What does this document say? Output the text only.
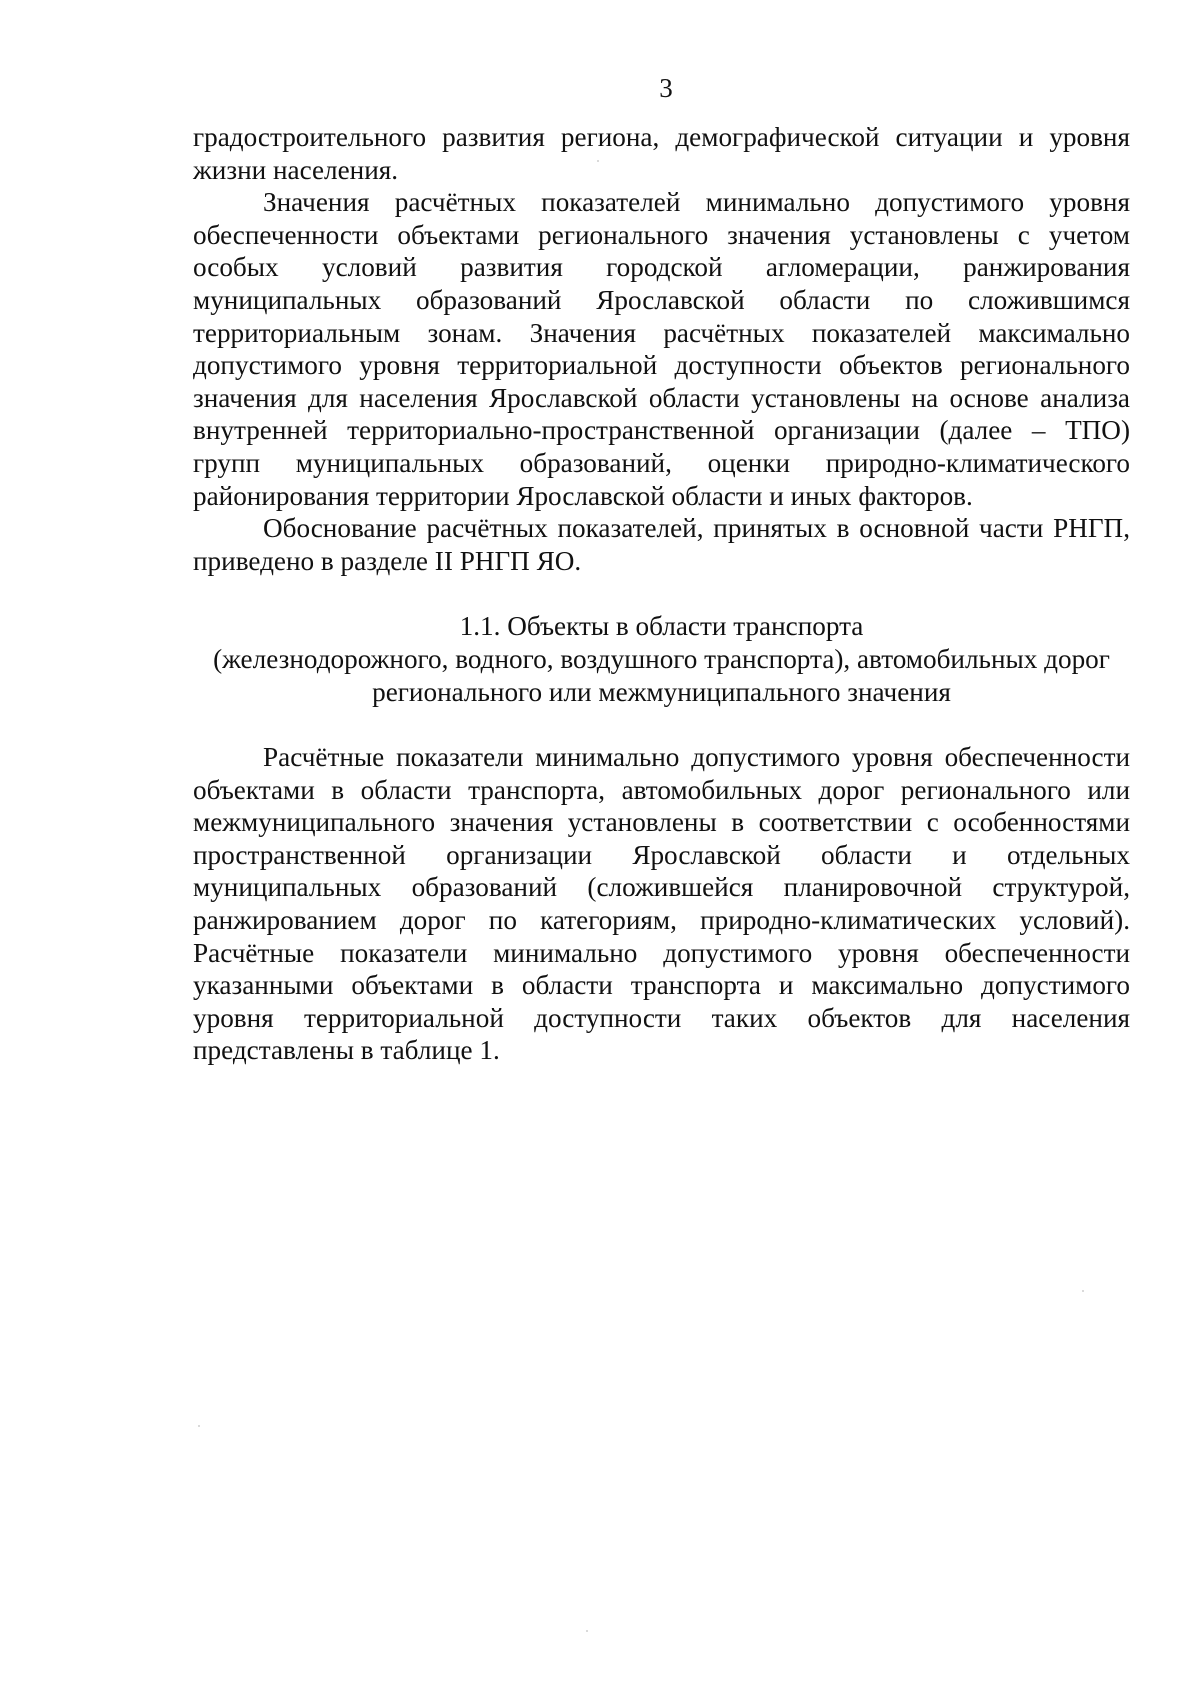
3

градостроительного развития региона, демографической ситуации и уровня жизни населения.

Значения расчётных показателей минимально допустимого уровня обеспеченности объектами регионального значения установлены с учетом особых условий развития городской агломерации, ранжирования муниципальных образований Ярославской области по сложившимся территориальным зонам. Значения расчётных показателей максимально допустимого уровня территориальной доступности объектов регионального значения для населения Ярославской области установлены на основе анализа внутренней территориально-пространственной организации (далее – ТПО) групп муниципальных образований, оценки природно-климатического районирования территории Ярославской области и иных факторов.

Обоснование расчётных показателей, принятых в основной части РНГП, приведено в разделе II РНГП ЯО.

1.1. Объекты в области транспорта
(железнодорожного, водного, воздушного транспорта), автомобильных дорог
регионального или межмуниципального значения

Расчётные показатели минимально допустимого уровня обеспеченности объектами в области транспорта, автомобильных дорог регионального или межмуниципального значения установлены в соответствии с особенностями пространственной организации Ярославской области и отдельных муниципальных образований (сложившейся планировочной структурой, ранжированием дорог по категориям, природно-климатических условий). Расчётные показатели минимально допустимого уровня обеспеченности указанными объектами в области транспорта и максимально допустимого уровня территориальной доступности таких объектов для населения представлены в таблице 1.
